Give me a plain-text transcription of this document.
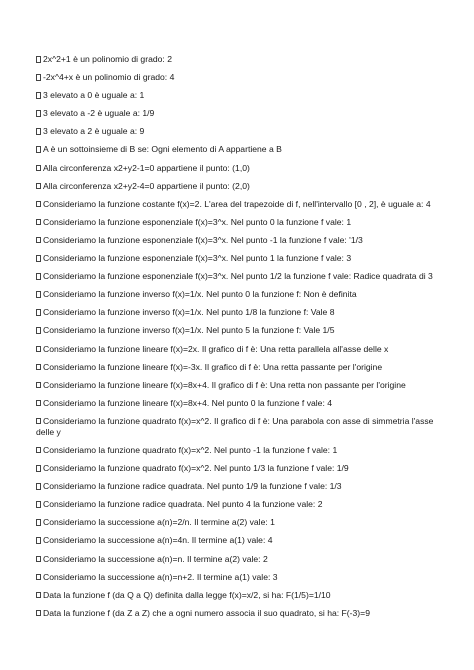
2x^2+1 è un polinomio di grado: 2
-2x^4+x è un polinomio di grado: 4
3 elevato a 0 è uguale a: 1
3 elevato a -2 è uguale a: 1/9
3 elevato a 2 è uguale a: 9
A è un sottoinsieme di B se: Ogni elemento di A appartiene a B
Alla circonferenza x2+y2-1=0 appartiene il punto: (1,0)
Alla circonferenza x2+y2-4=0 appartiene il punto: (2,0)
Consideriamo la funzione costante f(x)=2. L'area del trapezoide di f, nell'intervallo [0 , 2], è uguale a: 4
Consideriamo la funzione esponenziale f(x)=3^x. Nel punto 0 la funzione f vale: 1
Consideriamo la funzione esponenziale f(x)=3^x. Nel punto -1 la funzione f vale: '1/3
Consideriamo la funzione esponenziale f(x)=3^x. Nel punto 1 la funzione f vale: 3
Consideriamo la funzione esponenziale f(x)=3^x. Nel punto 1/2 la funzione f vale: Radice quadrata di 3
Consideriamo la funzione inverso f(x)=1/x. Nel punto 0 la funzione f: Non è definita
Consideriamo la funzione inverso f(x)=1/x. Nel punto 1/8 la funzione f: Vale 8
Consideriamo la funzione inverso f(x)=1/x. Nel punto 5 la funzione f: Vale 1/5
Consideriamo la funzione lineare f(x)=2x. Il grafico di f è: Una retta parallela all'asse delle x
Consideriamo la funzione lineare f(x)=-3x. Il grafico di f è: Una retta passante per l'origine
Consideriamo la funzione lineare f(x)=8x+4. Il grafico di f è: Una retta non passante per l'origine
Consideriamo la funzione lineare f(x)=8x+4. Nel punto 0 la funzione f vale: 4
Consideriamo la funzione quadrato f(x)=x^2. Il grafico di f è: Una parabola con asse di simmetria l'asse delle y
Consideriamo la funzione quadrato f(x)=x^2. Nel punto -1 la funzione f vale: 1
Consideriamo la funzione quadrato f(x)=x^2. Nel punto 1/3 la funzione f vale: 1/9
Consideriamo la funzione radice quadrata. Nel punto 1/9 la funzione f vale: 1/3
Consideriamo la funzione radice quadrata. Nel punto 4 la funzione vale: 2
Consideriamo la successione a(n)=2/n. Il termine a(2) vale: 1
Consideriamo la successione a(n)=4n. Il termine a(1) vale: 4
Consideriamo la successione a(n)=n. Il termine a(2) vale: 2
Consideriamo la successione a(n)=n+2. Il termine a(1) vale: 3
Data la funzione f (da Q a Q) definita dalla legge f(x)=x/2, si ha: F(1/5)=1/10
Data la funzione f (da Z a Z) che a ogni numero associa il suo quadrato, si ha: F(-3)=9
